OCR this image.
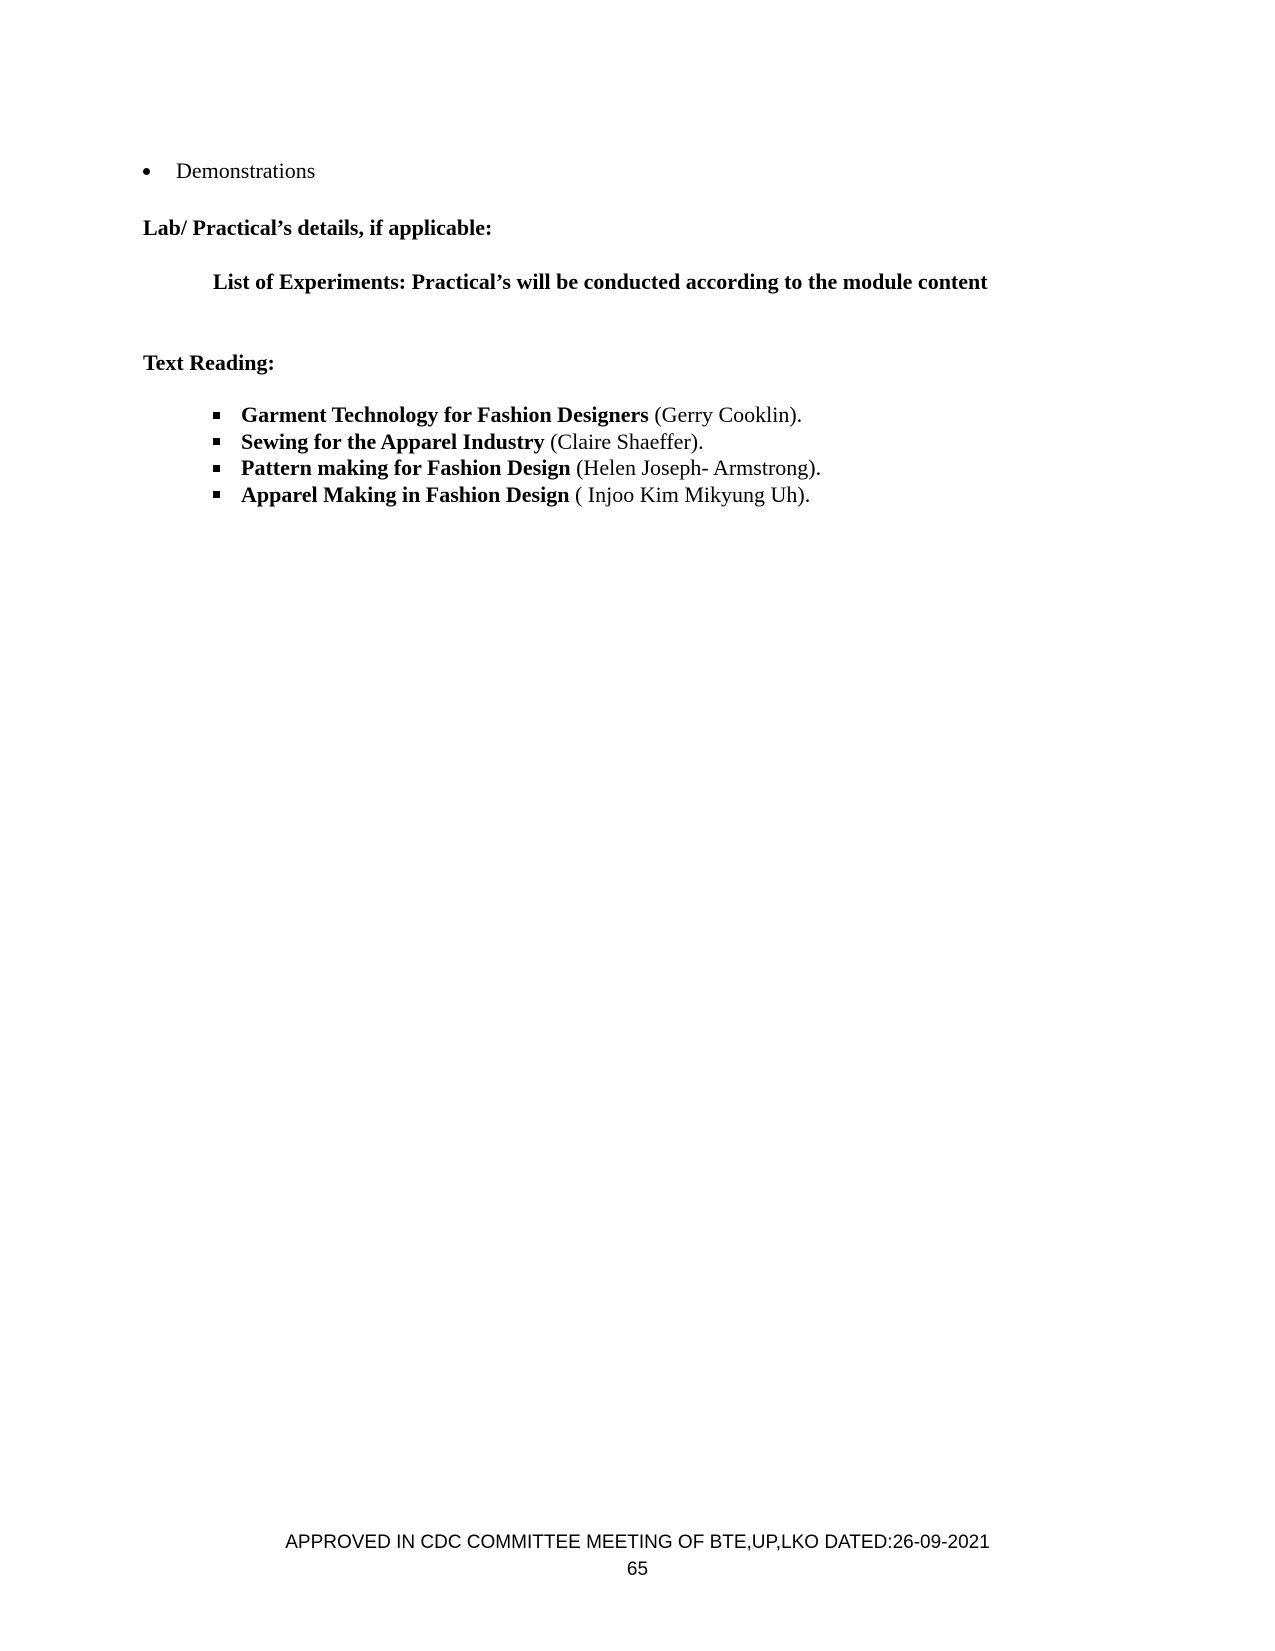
Demonstrations
Lab/ Practical’s details, if applicable:
List of Experiments: Practical’s will be conducted according to the module content
Text Reading:
Garment Technology for Fashion Designers (Gerry Cooklin).
Sewing for the Apparel Industry (Claire Shaeffer).
Pattern making for Fashion Design (Helen Joseph- Armstrong).
Apparel Making in Fashion Design ( Injoo Kim Mikyung Uh).
APPROVED IN CDC COMMITTEE MEETING OF BTE,UP,LKO DATED:26-09-2021
65
